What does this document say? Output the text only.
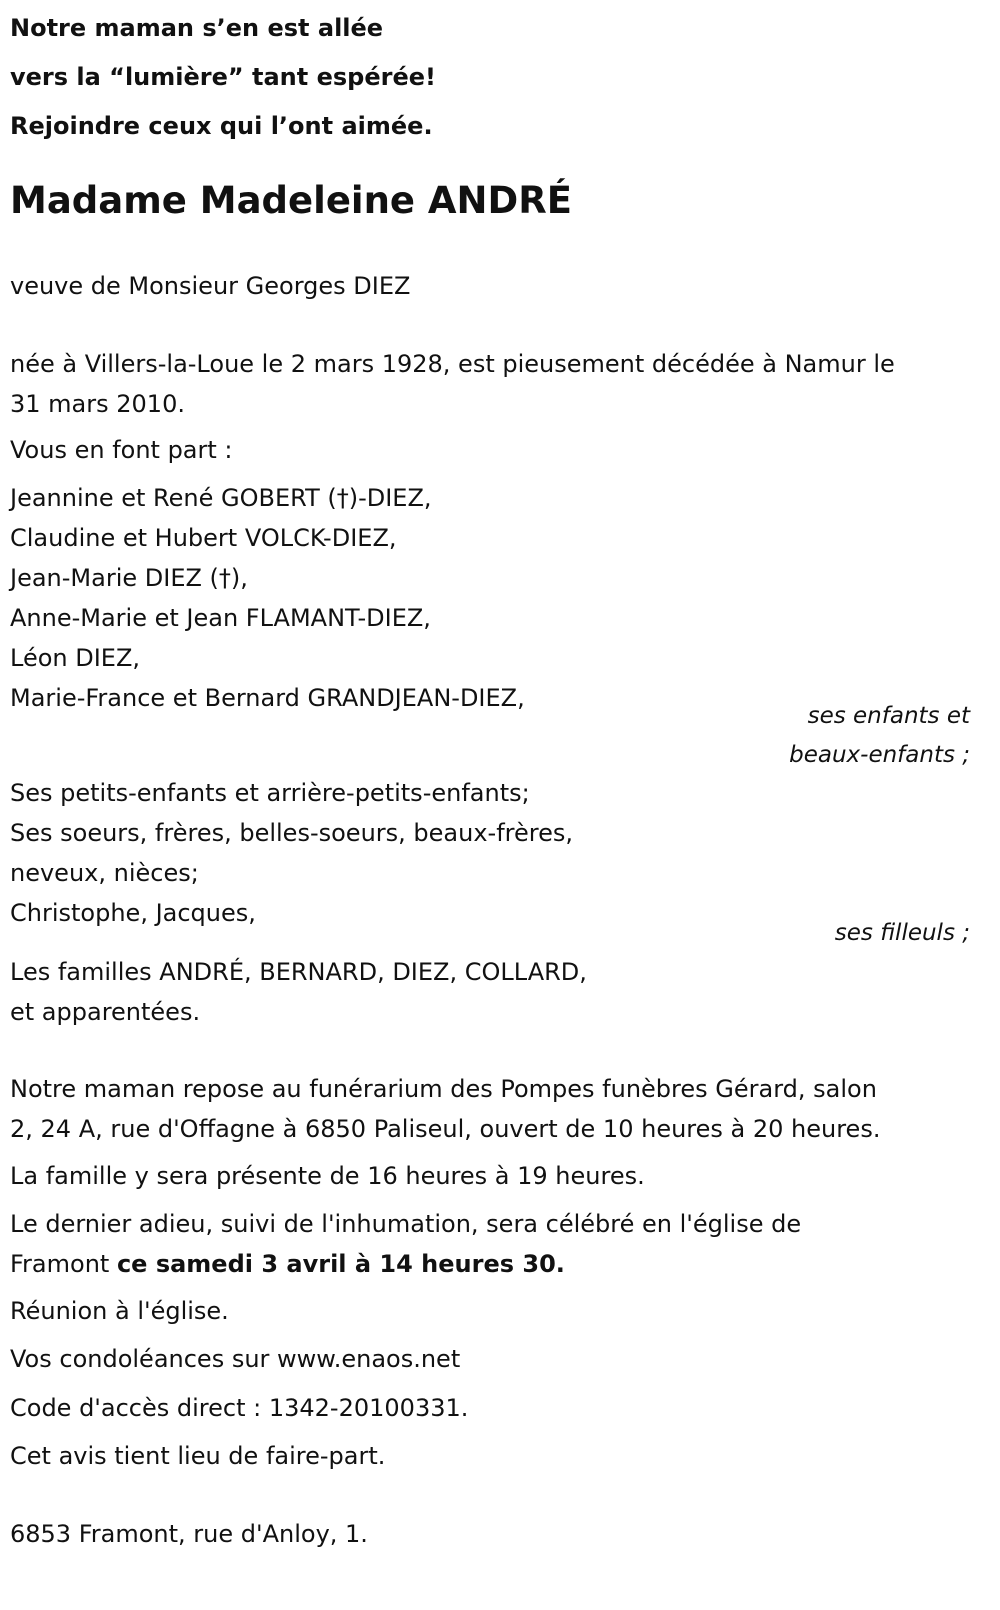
Notre maman s’en est allée
vers la “lumière” tant espérée!
Rejoindre ceux qui l’ont aimée.
Madame Madeleine ANDRÉ
veuve de Monsieur Georges DIEZ
née à Villers-la-Loue le 2 mars 1928, est pieusement décédée à Namur le
31 mars 2010.
Vous en font part :
Jeannine et René GOBERT (†)-DIEZ,
Claudine et Hubert VOLCK-DIEZ,
Jean-Marie DIEZ (†),
Anne-Marie et Jean FLAMANT-DIEZ,
Léon DIEZ,
Marie-France et Bernard GRANDJEAN-DIEZ,
ses enfants et
beaux-enfants ;
Ses petits-enfants et arrière-petits-enfants;
Ses soeurs, frères, belles-soeurs, beaux-frères,
neveux, nièces;
Christophe, Jacques,
ses filleuls ;
Les familles ANDRÉ, BERNARD, DIEZ, COLLARD,
et apparentées.
Notre maman repose au funérarium des Pompes funèbres Gérard, salon
2, 24 A, rue d'Offagne à 6850 Paliseul, ouvert de 10 heures à 20 heures.
La famille y sera présente de 16 heures à 19 heures.
Le dernier adieu, suivi de l'inhumation, sera célébré en l'église de
Framont ce samedi 3 avril à 14 heures 30.
Réunion à l'église.
Vos condoléances sur www.enaos.net
Code d'accès direct : 1342-20100331.
Cet avis tient lieu de faire-part.
6853 Framont, rue d'Anloy, 1.
